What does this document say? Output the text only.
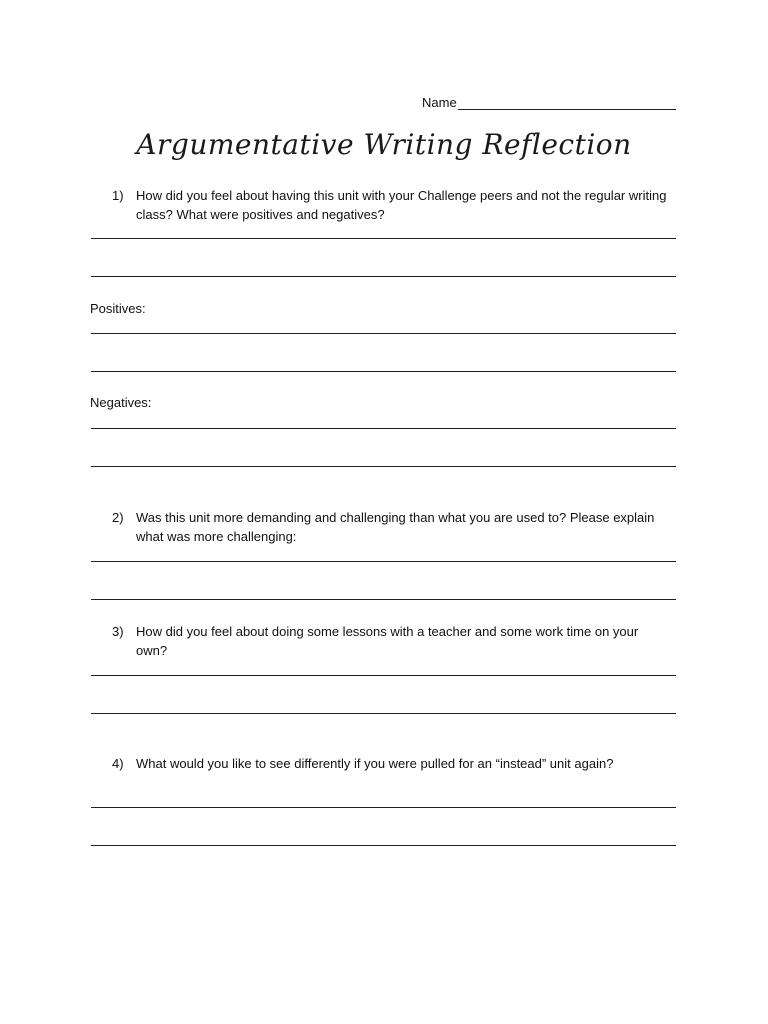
Name
Argumentative Writing Reflection
1) How did you feel about having this unit with your Challenge peers and not the regular writing class? What were positives and negatives?
Positives:
Negatives:
2) Was this unit more demanding and challenging than what you are used to? Please explain what was more challenging:
3) How did you feel about doing some lessons with a teacher and some work time on your own?
4) What would you like to see differently if you were pulled for an “instead” unit again?
